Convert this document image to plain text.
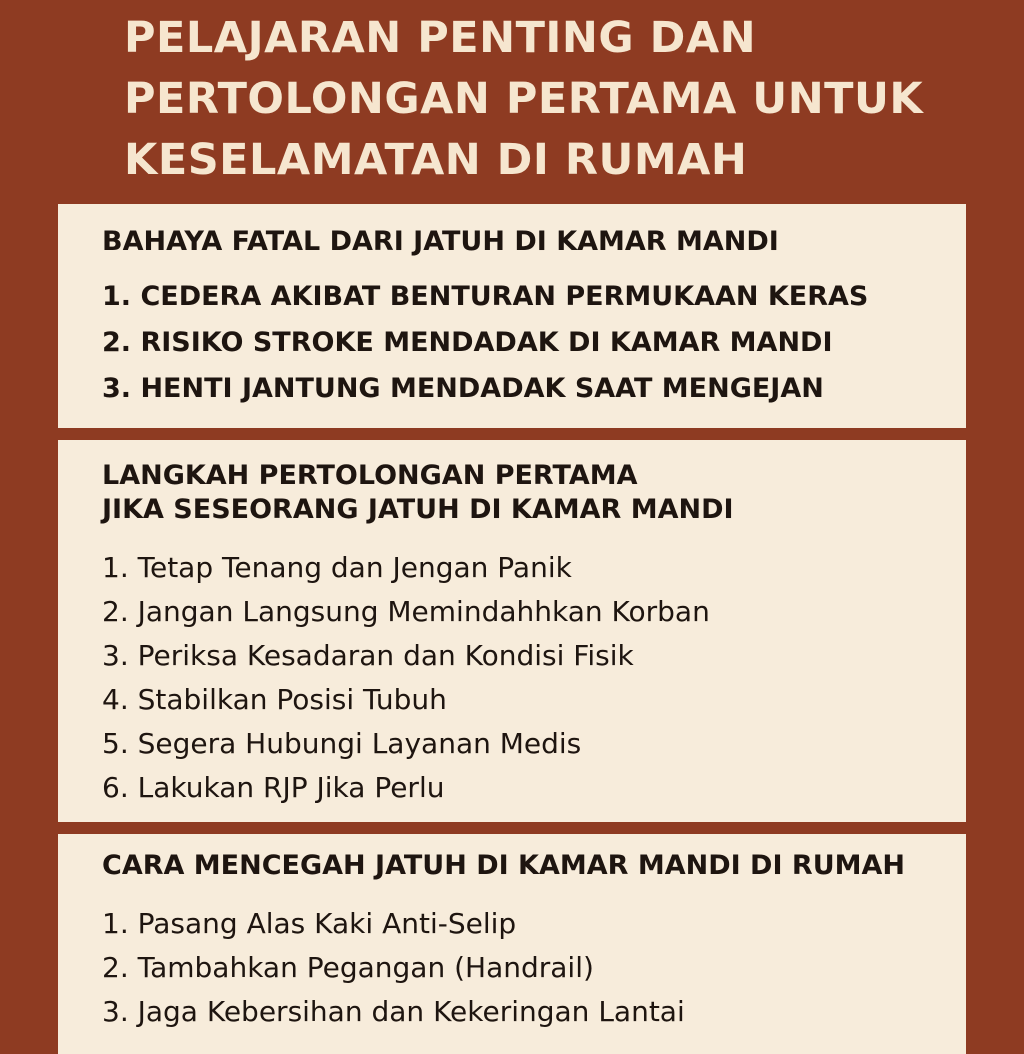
PELAJARAN PENTING DAN
PERTOLONGAN PERTAMA UNTUK
KESELAMATAN DI RUMAH
BAHAYA FATAL DARI JATUH DI KAMAR MANDI
1. CEDERA AKIBAT BENTURAN PERMUKAAN KERAS
2. RISIKO STROKE MENDADAK DI KAMAR MANDI
3. HENTI JANTUNG MENDADAK SAAT MENGEJAN
LANGKAH PERTOLONGAN PERTAMA
JIKA SESEORANG JATUH DI KAMAR MANDI
1. Tetap Tenang dan Jengan Panik
2. Jangan Langsung Memindahhkan Korban
3. Periksa Kesadaran dan Kondisi Fisik
4. Stabilkan Posisi Tubuh
5. Segera Hubungi Layanan Medis
6. Lakukan RJP Jika Perlu
CARA MENCEGAH JATUH DI KAMAR MANDI DI RUMAH
1. Pasang Alas Kaki Anti-Selip
2. Tambahkan Pegangan (Handrail)
3. Jaga Kebersihan dan Kekeringan Lantai
